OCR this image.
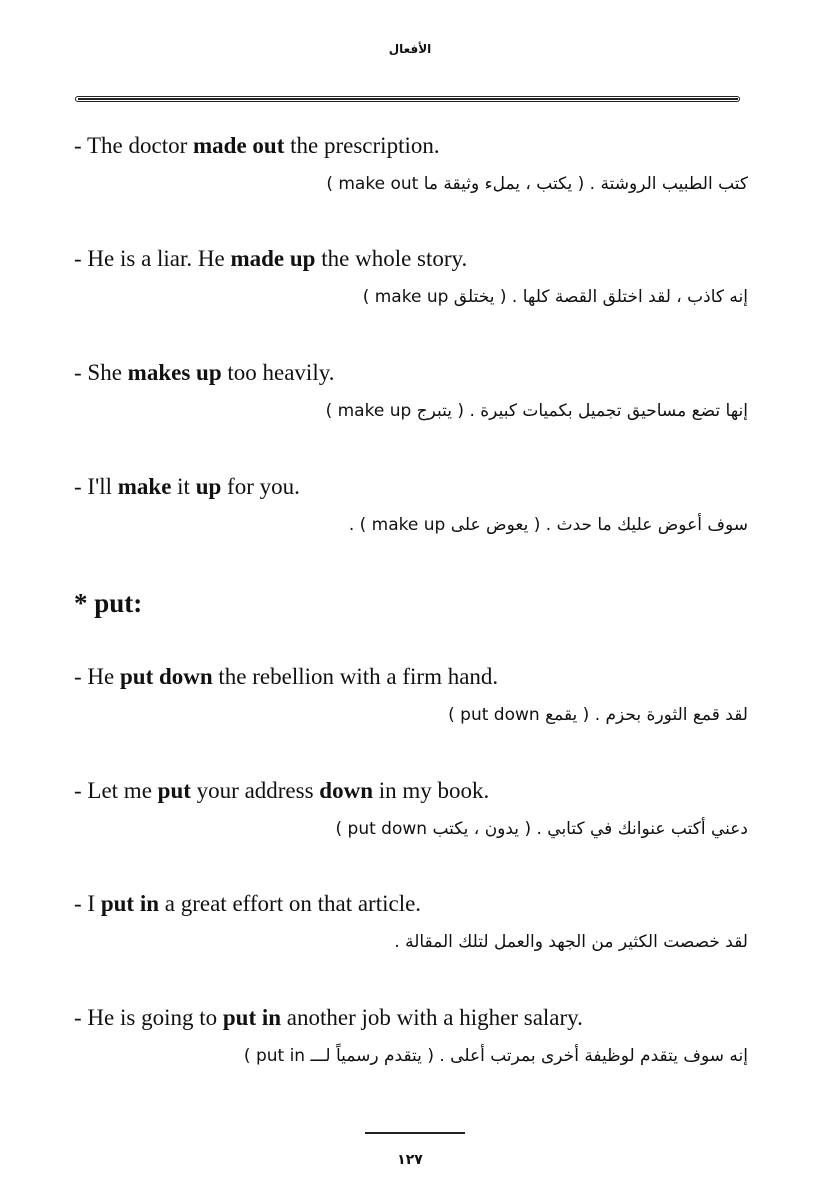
الأفعال
- The doctor made out the prescription.
كتب الطبيب الروشتة . ( يكتب ، يملء وثيقة ما make out )
- He is a liar. He made up the whole story.
إنه كاذب ، لقد اختلق القصة كلها . ( يختلق make up )
- She makes up too heavily.
إنها تضع مساحيق تجميل بكميات كبيرة . ( يتبرج make up )
- I'll make it up for you.
سوف أعوض عليك ما حدث . ( يعوض على make up ) .
* put:
- He put down the rebellion with a firm hand.
لقد قمع الثورة بحزم . ( يقمع put down )
- Let me put your address down in my book.
دعني أكتب عنوانك في كتابي . ( يدون ، يكتب put down )
- I put in a great effort on that article.
لقد خصصت الكثير من الجهد والعمل لتلك المقالة .
- He is going to put in another job with a higher salary.
إنه سوف يتقدم لوظيفة أخرى بمرتب أعلى . ( يتقدم رسمياً لـــ put in )
١٢٧
